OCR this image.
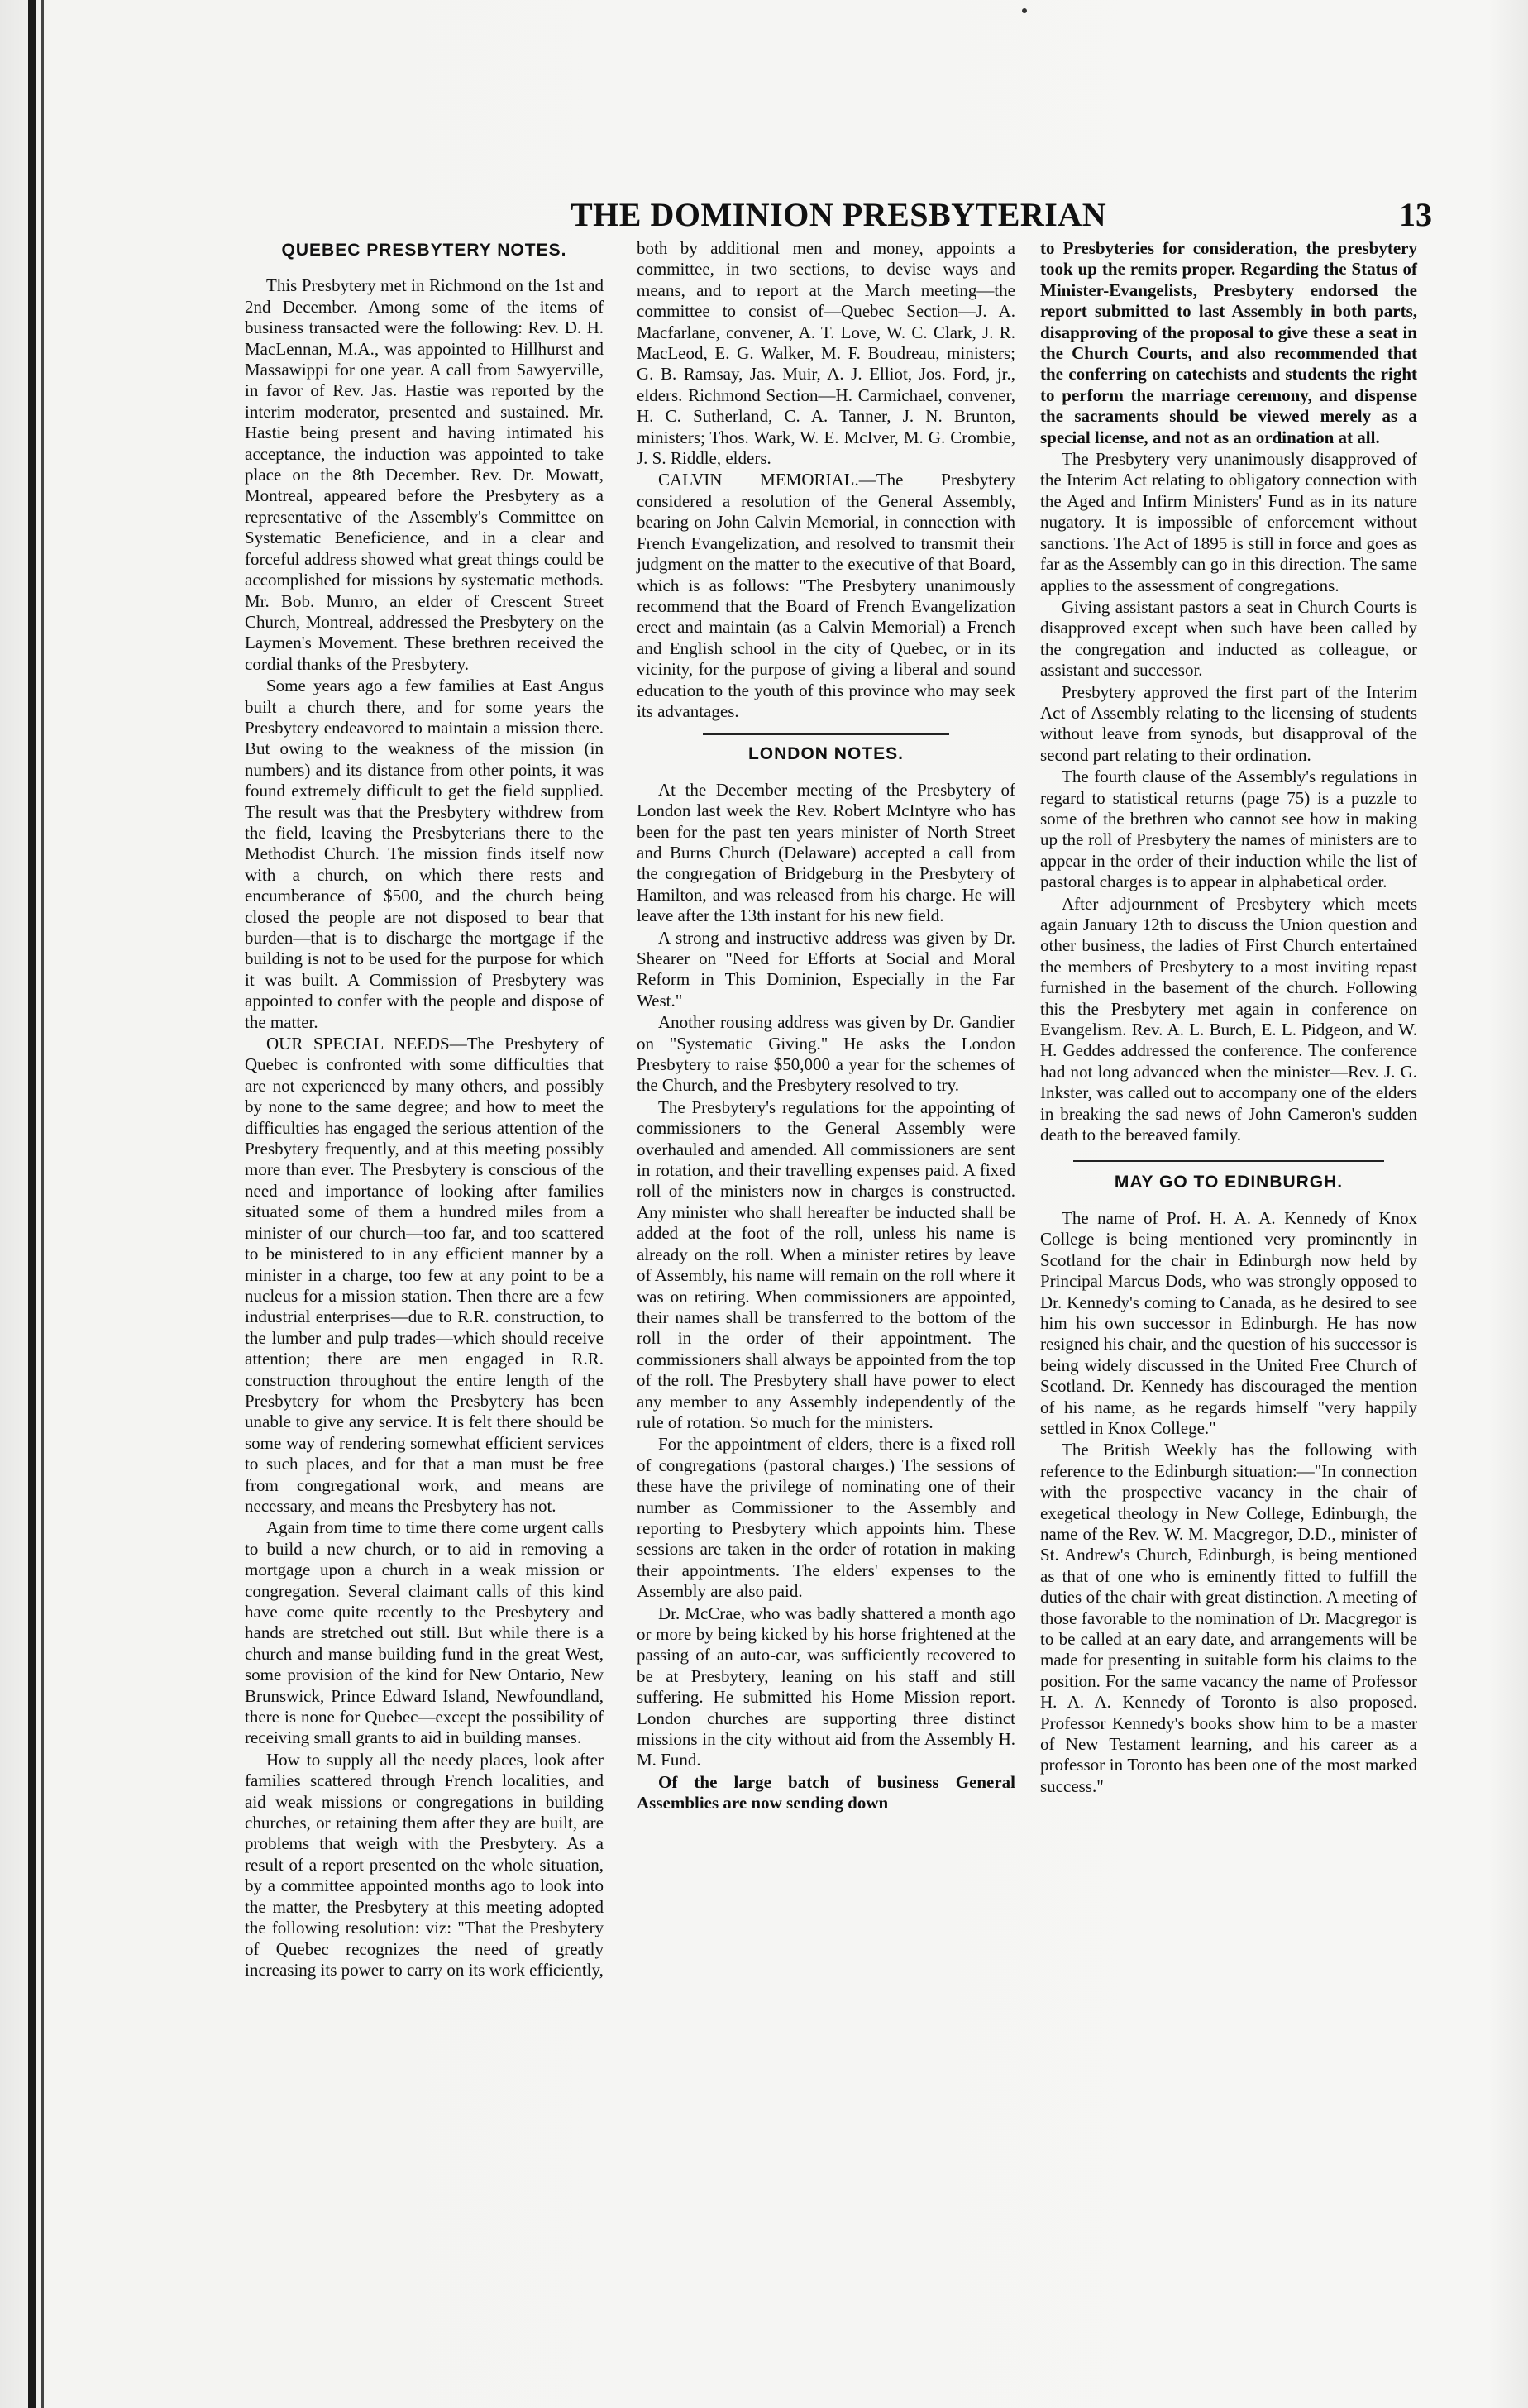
THE DOMINION PRESBYTERIAN	13
QUEBEC PRESBYTERY NOTES.

This Presbytery met in Richmond on the 1st and 2nd December. Among some of the items of business transacted were the following: Rev. D. H. MacLennan, M.A., was appointed to Hillhurst and Massawippi for one year. A call from Sawyerville, in favor of Rev. Jas. Hastie was reported by the interim moderator, presented and sustained. Mr. Hastie being present and having intimated his acceptance, the induction was appointed to take place on the 8th December. Rev. Dr. Mowatt, Montreal, appeared before the Presbytery as a representative of the Assembly's Committee on Systematic Beneficience, and in a clear and forceful address showed what great things could be accomplished for missions by systematic methods. Mr. Bob. Munro, an elder of Crescent Street Church, Montreal, addressed the Presbytery on the Laymen's Movement. These brethren received the cordial thanks of the Presbytery.

Some years ago a few families at East Angus built a church there, and for some years the Presbytery endeavored to maintain a mission there. But owing to the weakness of the mission (in numbers) and its distance from other points, it was found extremely difficult to get the field supplied. The result was that the Presbytery withdrew from the field, leaving the Presbyterians there to the Methodist Church. The mission finds itself now with a church, on which there rests and encumberance of $500, and the church being closed the people are not disposed to bear that burden—that is to discharge the mortgage if the building is not to be used for the purpose for which it was built. A Commission of Presbytery was appointed to confer with the people and dispose of the matter.

OUR SPECIAL NEEDS—The Presbytery of Quebec is confronted with some difficulties that are not experienced by many others, and possibly by none to the same degree; and how to meet the difficulties has engaged the serious attention of the Presbytery frequently, and at this meeting possibly more than ever. The Presbytery is conscious of the need and importance of looking after families situated some of them a hundred miles from a minister of our church—too far, and too scattered to be ministered to in any efficient manner by a minister in a charge, too few at any point to be a nucleus for a mission station. Then there are a few industrial enterprises—due to R.R. construction, to the lumber and pulp trades—which should receive attention; there are men engaged in R.R. construction throughout the entire length of the Presbytery for whom the Presbytery has been unable to give any service. It is felt there should be some way of rendering somewhat efficient services to such places, and for that a man must be free from congregational work, and means are necessary, and means the Presbytery has not.

Again from time to time there come urgent calls to build a new church, or to aid in removing a mortgage upon a church in a weak mission or congregation. Several claimant calls of this kind have come quite recently to the Presbytery and hands are stretched out still. But while there is a church and manse building fund in the great West, some provision of the kind for New Ontario, New Brunswick, Prince Edward Island, Newfoundland, there is none for Quebec—except the possibility of receiving small grants to aid in building manses.

How to supply all the needy places, look after families scattered through French localities, and aid weak missions or congregations in building churches, or retaining them after they are built, are problems that weigh with the Presbytery. As a result of a report presented on the whole situation, by a committee appointed months ago to look into the matter, the Presbytery at this meeting adopted the following resolution: viz: "That the Presbytery of Quebec recognizes the need of greatly increasing its power to carry on its work efficiently,

both by additional men and money, appoints a committee, in two sections, to devise ways and means, and to report at the March meeting—the committee to consist of—Quebec Section—J. A. Macfarlane, convener, A. T. Love, W. C. Clark, J. R. MacLeod, E. G. Walker, M. F. Boudreau, ministers; G. B. Ramsay, Jas. Muir, A. J. Elliot, Jos. Ford, jr., elders. Richmond Section—H. Carmichael, convener, H. C. Sutherland, C. A. Tanner, J. N. Brunton, ministers; Thos. Wark, W. E. McIver, M. G. Crombie, J. S. Riddle, elders.

CALVIN MEMORIAL.—The Presbytery considered a resolution of the General Assembly, bearing on John Calvin Memorial, in connection with French Evangelization, and resolved to transmit their judgment on the matter to the executive of that Board, which is as follows: "The Presbytery unanimously recommend that the Board of French Evangelization erect and maintain (as a Calvin Memorial) a French and English school in the city of Quebec, or in its vicinity, for the purpose of giving a liberal and sound education to the youth of this province who may seek its advantages.

LONDON NOTES.

At the December meeting of the Presbytery of London last week the Rev. Robert McIntyre who has been for the past ten years minister of North Street and Burns Church (Delaware) accepted a call from the congregation of Bridgeburg in the Presbytery of Hamilton, and was released from his charge. He will leave after the 13th instant for his new field.

A strong and instructive address was given by Dr. Shearer on "Need for Efforts at Social and Moral Reform in This Dominion, Especially in the Far West."

Another rousing address was given by Dr. Gandier on "Systematic Giving." He asks the London Presbytery to raise $50,000 a year for the schemes of the Church, and the Presbytery resolved to try.

The Presbytery's regulations for the appointing of commissioners to the General Assembly were overhauled and amended. All commissioners are sent in rotation, and their travelling expenses paid. A fixed roll of the ministers now in charges is constructed. Any minister who shall hereafter be inducted shall be added at the foot of the roll, unless his name is already on the roll. When a minister retires by leave of Assembly, his name will remain on the roll where it was on retiring. When commissioners are appointed, their names shall be transferred to the bottom of the roll in the order of their appointment. The commissioners shall always be appointed from the top of the roll. The Presbytery shall have power to elect any member to any Assembly independently of the rule of rotation. So much for the ministers.

For the appointment of elders, there is a fixed roll of congregations (pastoral charges.) The sessions of these have the privilege of nominating one of their number as Commissioner to the Assembly and reporting to Presbytery which appoints him. These sessions are taken in the order of rotation in making their appointments. The elders' expenses to the Assembly are also paid.

Dr. McCrae, who was badly shattered a month ago or more by being kicked by his horse frightened at the passing of an auto-car, was sufficiently recovered to be at Presbytery, leaning on his staff and still suffering. He submitted his Home Mission report. London churches are supporting three distinct missions in the city without aid from the Assembly H. M. Fund.

Of the large batch of business General Assemblies are now sending down

to Presbyteries for consideration, the presbytery took up the remits proper. Regarding the Status of Minister-Evangelists, Presbytery endorsed the report submitted to last Assembly in both parts, disapproving of the proposal to give these a seat in the Church Courts, and also recommended that the conferring on catechists and students the right to perform the marriage ceremony, and dispense the sacraments should be viewed merely as a special license, and not as an ordination at all.

The Presbytery very unanimously disapproved of the Interim Act relating to obligatory connection with the Aged and Infirm Ministers' Fund as in its nature nugatory. It is impossible of enforcement without sanctions. The Act of 1895 is still in force and goes as far as the Assembly can go in this direction. The same applies to the assessment of congregations.

Giving assistant pastors a seat in Church Courts is disapproved except when such have been called by the congregation and inducted as colleague, or assistant and successor.

Presbytery approved the first part of the Interim Act of Assembly relating to the licensing of students without leave from synods, but disapproval of the second part relating to their ordination.

The fourth clause of the Assembly's regulations in regard to statistical returns (page 75) is a puzzle to some of the brethren who cannot see how in making up the roll of Presbytery the names of ministers are to appear in the order of their induction while the list of pastoral charges is to appear in alphabetical order.

After adjournment of Presbytery which meets again January 12th to discuss the Union question and other business, the ladies of First Church entertained the members of Presbytery to a most inviting repast furnished in the basement of the church. Following this the Presbytery met again in conference on Evangelism. Rev. A. L. Burch, E. L. Pidgeon, and W. H. Geddes addressed the conference. The conference had not long advanced when the minister—Rev. J. G. Inkster, was called out to accompany one of the elders in breaking the sad news of John Cameron's sudden death to the bereaved family.

MAY GO TO EDINBURGH.

The name of Prof. H. A. A. Kennedy of Knox College is being mentioned very prominently in Scotland for the chair in Edinburgh now held by Principal Marcus Dods, who was strongly opposed to Dr. Kennedy's coming to Canada, as he desired to see him his own successor in Edinburgh. He has now resigned his chair, and the question of his successor is being widely discussed in the United Free Church of Scotland. Dr. Kennedy has discouraged the mention of his name, as he regards himself "very happily settled in Knox College."

The British Weekly has the following with reference to the Edinburgh situation:—"In connection with the prospective vacancy in the chair of exegetical theology in New College, Edinburgh, the name of the Rev. W. M. Macgregor, D.D., minister of St. Andrew's Church, Edinburgh, is being mentioned as that of one who is eminently fitted to fulfill the duties of the chair with great distinction. A meeting of those favorable to the nomination of Dr. Macgregor is to be called at an eary date, and arrangements will be made for presenting in suitable form his claims to the position. For the same vacancy the name of Professor H. A. A. Kennedy of Toronto is also proposed. Professor Kennedy's books show him to be a master of New Testament learning, and his career as a professor in Toronto has been one of the most marked success."
